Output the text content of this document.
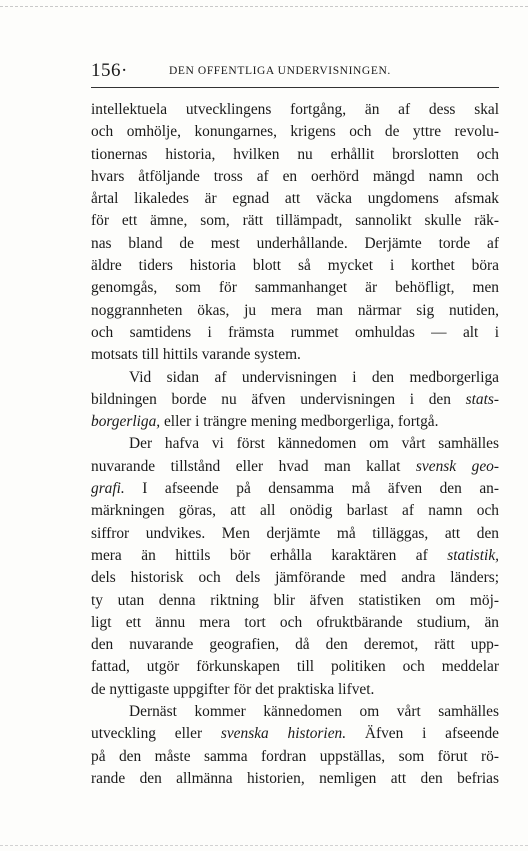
156·	DEN OFFENTLIGA UNDERVISNINGEN.
intellektuela utvecklingens fortgång, än af dess skal
och omhölje, konungarnes, krigens och de yttre revolu-
tionernas historia, hvilken nu erhållit brorslotten och
hvars åtföljande tross af en oerhörd mängd namn och
årtal likaledes är egnad att väcka ungdomens afsmak
för ett ämne, som, rätt tillämpadt, sannolikt skulle räk-
nas bland de mest underhållande. Derjämte torde af
äldre tiders historia blott så mycket i korthet böra
genomgås, som för sammanhanget är behöfligt, men
noggrannheten ökas, ju mera man närmar sig nutiden,
och samtidens i främsta rummet omhuldas — alt i
motsats till hittils varande system.
Vid sidan af undervisningen i den medborgerliga
bildningen borde nu äfven undervisningen i den stats-
borgerliga, eller i trängre mening medborgerliga, fortgå.
Der hafva vi först kännedomen om vårt samhälles
nuvarande tillstånd eller hvad man kallat svensk geo-
grafi. I afseende på densamma må äfven den an-
märkningen göras, att all onödig barlast af namn och
siffror undvikes. Men derjämte må tilläggas, att den
mera än hittils bör erhålla karaktären af statistik,
dels historisk och dels jämförande med andra länders;
ty utan denna riktning blir äfven statistiken om möj-
ligt ett ännu mera tort och ofruktbärande studium, än
den nuvarande geografien, då den deremot, rätt upp-
fattad, utgör förkunskapen till politiken och meddelar
de nyttigaste uppgifter för det praktiska lifvet.
Dernäst kommer kännedomen om vårt samhälles
utveckling eller svenska historien. Äfven i afseende
på den måste samma fordran uppställas, som förut rö-
rande den allmänna historien, nemligen att den befrias
